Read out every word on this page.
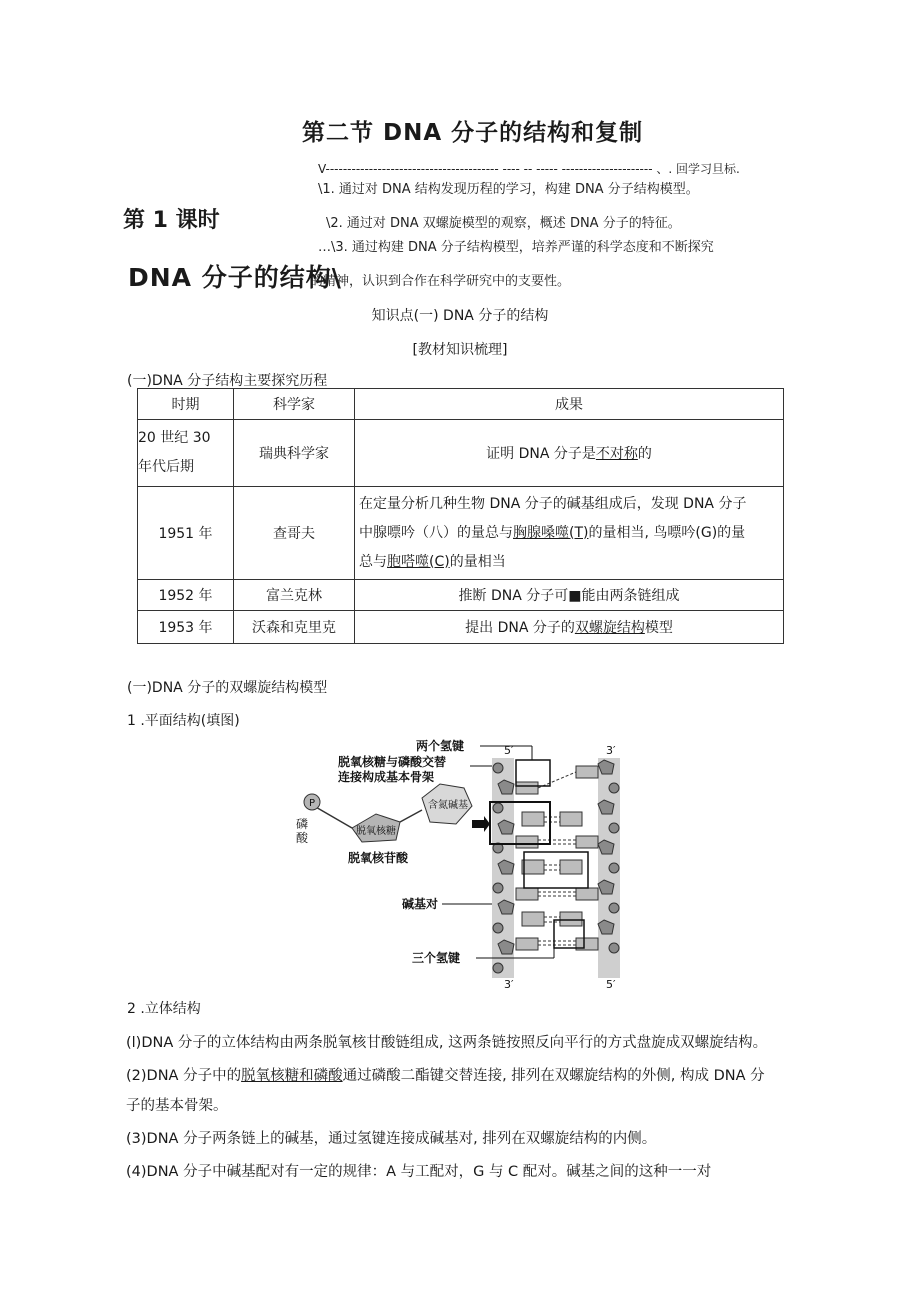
第二节 DNA 分子的结构和复制
V---------------------------------------- ---- -- ----- --------------------- 、. 回学习旦标.
\1. 通过对 DNA 结构发现历程的学习，构建 DNA 分子结构模型。
\2. 通过对 DNA 双螺旋模型的观察，概述 DNA 分子的特征。
…\3. 通过构建 DNA 分子结构模型，培养严谨的科学态度和不断探究
的精神，认识到合作在科学研究中的支要性。
第 1 课时
DNA 分子的结构\
知识点(一) DNA 分子的结构
[教材知识梳理]
(一)DNA 分子结构主要探究历程
时期	科学家	成果

20 世纪 30
年代后期	瑞典科学家	证明 DNA 分子是不对称的
1951 年	查哥夫	在定量分析几种生物 DNA 分子的碱基组成后，发现 DNA 分子
中腺嘌吟（八）的量总与胸腺嗓噬(T)的量相当, 鸟嘌吟(G)的量
总与胞嗒噬(C)的量相当

1952 年	富兰克林	推断 DNA 分子可■能由两条链组成
1953 年	沃森和克里克	提出 DNA 分子的双螺旋结构模型
(一)DNA 分子的双螺旋结构模型
1 .平面结构(填图)
P
磷
酸	脱氧核糖
含氮碱基
脱氧核苷酸
两个氢键
脱氧核糖与磷酸交替
连接构成基本骨架
碱基对
三个氢键
5′	3′
3′	5′
2 .立体结构
(l)DNA 分子的立体结构由两条脱氧核甘酸链组成, 这两条链按照反向平行的方式盘旋成双螺旋结构。
(2)DNA 分子中的脱氧核糖和磷酸通过磷酸二酯键交替连接, 排列在双螺旋结构的外侧, 构成 DNA 分
子的基本骨架。
(3)DNA 分子两条链上的碱基，通过氢键连接成碱基对, 排列在双螺旋结构的内侧。
(4)DNA 分子中碱基配对有一定的规律：A 与工配对，G 与 C 配对。碱基之间的这种一一对
